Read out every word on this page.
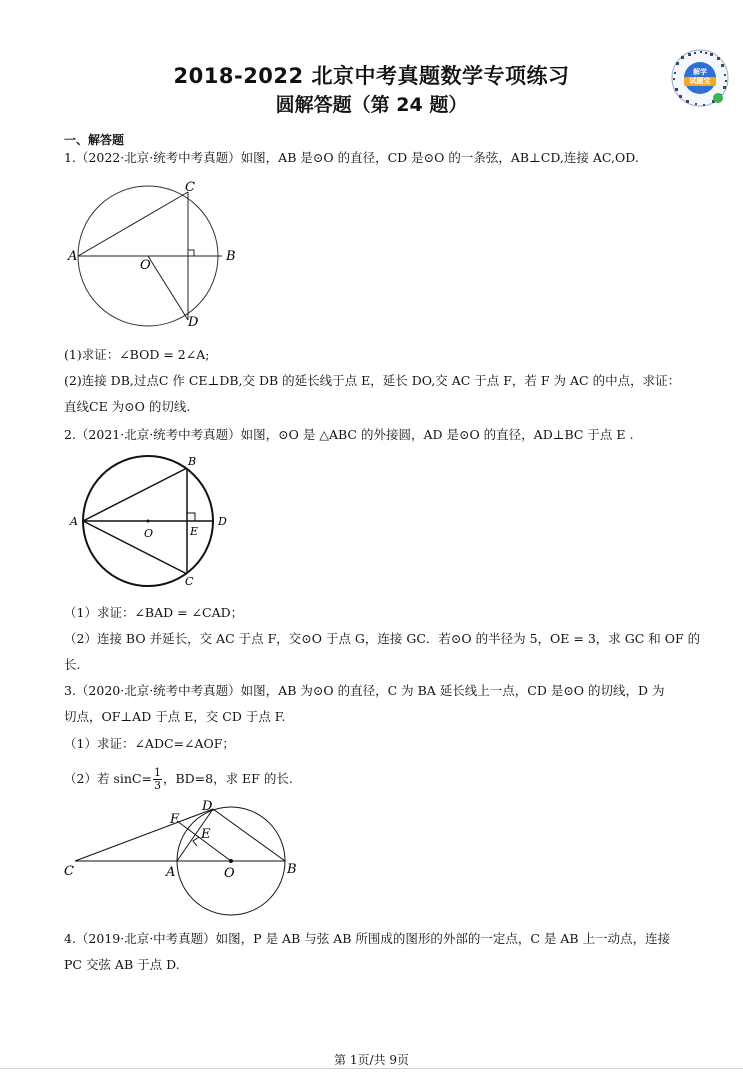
2018-2022 北京中考真题数学专项练习
圆解答题（第 24 题）
解学
试题宝
一、解答题
1.（2022·北京·统考中考真题）如图，AB 是⊙O 的直径，CD 是⊙O 的一条弦，AB⊥CD,连接 AC,OD.
A	B
C
D
O
(1)求证：∠BOD = 2∠A;
(2)连接 DB,过点C 作 CE⊥DB,交 DB 的延长线于点 E，延长 DO,交 AC 于点 F，若 F 为 AC 的中点，求证：
直线CE 为⊙O 的切线.
2.（2021·北京·统考中考真题）如图，⊙O 是 △ABC 的外接圆，AD 是⊙O 的直径，AD⊥BC 于点 E .
A
B
C
D
O	E
（1）求证：∠BAD = ∠CAD；
（2）连接 BO 并延长，交 AC 于点 F，交⊙O 于点 G，连接 GC．若⊙O 的半径为 5，OE = 3，求 GC 和 OF 的
长.
3.（2020·北京·统考中考真题）如图，AB 为⊙O 的直径，C 为 BA 延长线上一点，CD 是⊙O 的切线，D 为
切点，OF⊥AD 于点 E，交 CD 于点 F.
（1）求证：∠ADC=∠AOF；
（2）若 $\sin C= \frac{1}{3}$ ，BD=8，求 EF 的长.
C	A	O	B
D
F
E
4.（2019·北京·中考真题）如图，P 是 AB 与弦 AB 所围成的图形的外部的一定点，C 是 AB 上一动点，连接
PC 交弦 AB 于点 D.
第 1页/共 9页
